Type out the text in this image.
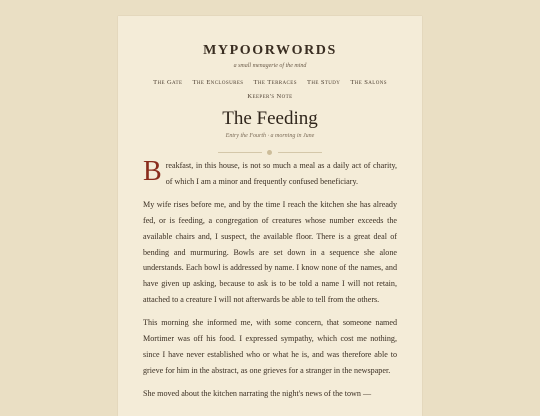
MYPOORWORDS
a small menagerie of the mind
The Gate The Enclosures The Terraces The Study The Salons
Keeper's Note
The Feeding
Entry the Fourth · a morning in June

Breakfast, in this house, is not so much a meal as a daily act of charity, of which I am a minor and frequently confused beneficiary.

My wife rises before me, and by the time I reach the kitchen she has already fed, or is feeding, a congregation of creatures whose number exceeds the available chairs and, I suspect, the available floor. There is a great deal of bending and murmuring. Bowls are set down in a sequence she alone understands. Each bowl is addressed by name. I know none of the names, and have given up asking, because to ask is to be told a name I will not retain, attached to a creature I will not afterwards be able to tell from the others.

This morning she informed me, with some concern, that someone named Mortimer was off his food. I expressed sympathy, which cost me nothing, since I have never established who or what he is, and was therefore able to grieve for him in the abstract, as one grieves for a stranger in the newspaper.

She moved about the kitchen narrating the night's news of the town —
